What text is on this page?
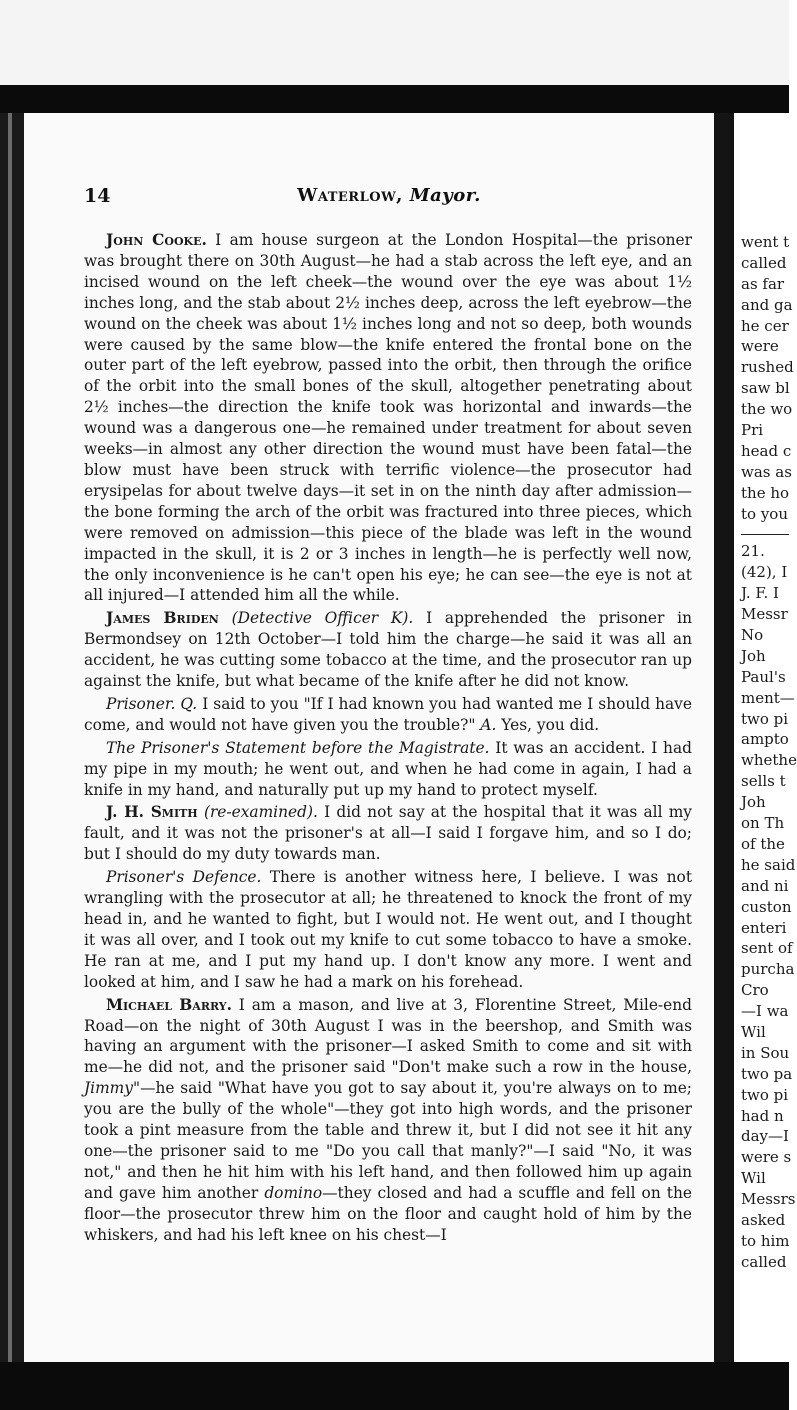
14	Waterlow, Mayor.

John Cooke. I am house surgeon at the London Hospital—the prisoner was brought there on 30th August—he had a stab across the left eye, and an incised wound on the left cheek—the wound over the eye was about 1½ inches long, and the stab about 2½ inches deep, across the left eyebrow—the wound on the cheek was about 1½ inches long and not so deep, both wounds were caused by the same blow—the knife entered the frontal bone on the outer part of the left eyebrow, passed into the orbit, then through the orifice of the orbit into the small bones of the skull, altogether penetrating about 2½ inches—the direction the knife took was horizontal and inwards—the wound was a dangerous one—he remained under treatment for about seven weeks—in almost any other direction the wound must have been fatal—the blow must have been struck with terrific violence—the prosecutor had erysipelas for about twelve days—it set in on the ninth day after admission—the bone forming the arch of the orbit was fractured into three pieces, which were removed on admission—this piece of the blade was left in the wound impacted in the skull, it is 2 or 3 inches in length—he is perfectly well now, the only inconvenience is he can't open his eye; he can see—the eye is not at all injured—I attended him all the while.

James Briden (Detective Officer K). I apprehended the prisoner in Bermondsey on 12th October—I told him the charge—he said it was all an accident, he was cutting some tobacco at the time, and the prosecutor ran up against the knife, but what became of the knife after he did not know.

Prisoner. Q. I said to you "If I had known you had wanted me I should have come, and would not have given you the trouble?" A. Yes, you did.

The Prisoner's Statement before the Magistrate. It was an accident. I had my pipe in my mouth; he went out, and when he had come in again, I had a knife in my hand, and naturally put up my hand to protect myself.

J. H. Smith (re-examined). I did not say at the hospital that it was all my fault, and it was not the prisoner's at all—I said I forgave him, and so I do; but I should do my duty towards man.

Prisoner's Defence. There is another witness here, I believe. I was not wrangling with the prosecutor at all; he threatened to knock the front of my head in, and he wanted to fight, but I would not. He went out, and I thought it was all over, and I took out my knife to cut some tobacco to have a smoke. He ran at me, and I put my hand up. I don't know any more. I went and looked at him, and I saw he had a mark on his forehead.

Michael Barry. I am a mason, and live at 3, Florentine Street, Mile-end Road—on the night of 30th August I was in the beershop, and Smith was having an argument with the prisoner—I asked Smith to come and sit with me—he did not, and the prisoner said "Don't make such a row in the house, Jimmy"—he said "What have you got to say about it, you're always on to me; you are the bully of the whole"—they got into high words, and the prisoner took a pint measure from the table and threw it, but I did not see it hit any one—the prisoner said to me "Do you call that manly?"—I said "No, it was not," and then he hit him with his left hand, and then followed him up again and gave him another domino—they closed and had a scuffle and fell on the floor—the prosecutor threw him on the floor and caught hold of him by the whiskers, and had his left knee on his chest—I

went t
called
as far
and ga
he cer
were
rushed
saw bl
the wo
Pri
head c
was as
the ho
to you
21.
(42), I
J. F. I
Messr
No
Joh
Paul's
ment—
two pi
ampto
whethe
sells t
Joh
on Th
of the
he said
and ni
custon
enteri
sent of
purcha
Cro
—I wa
Wil
in Sou
two pa
two pi
had n
day—I
were s
Wil
Messrs
asked
to him
called
